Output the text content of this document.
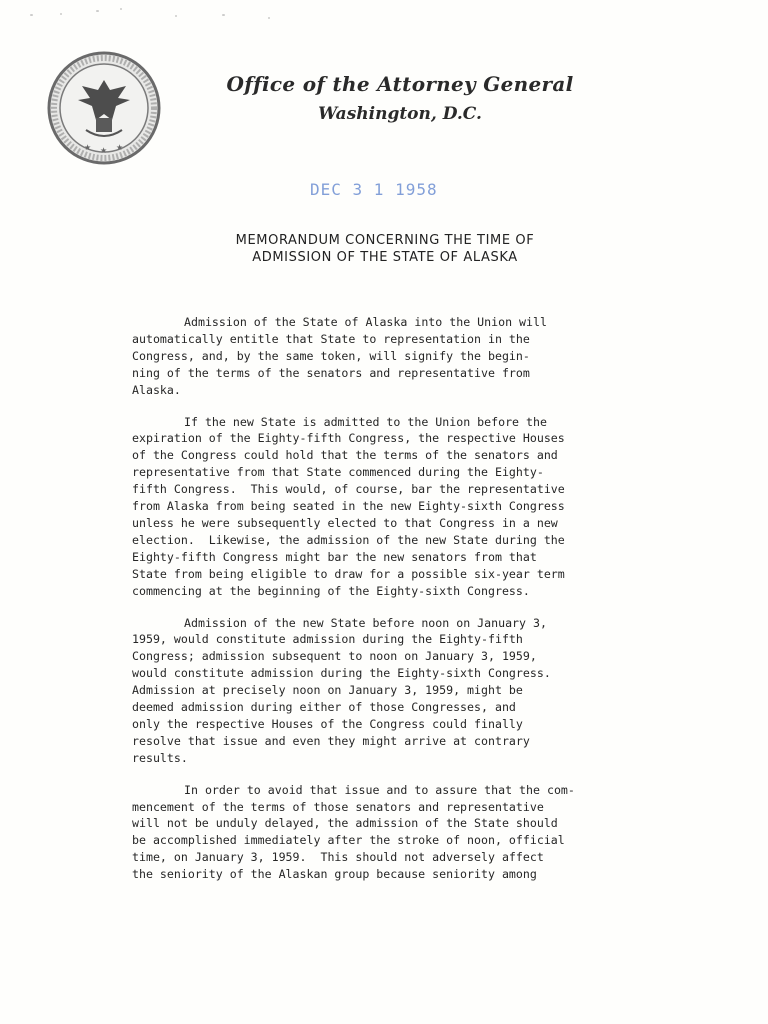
★ ★ ★
Office of the Attorney General
Washington, D.C.
DEC 3 1 1958
MEMORANDUM CONCERNING THE TIME OF
ADMISSION OF THE STATE OF ALASKA
Admission of the State of Alaska into the Union will
automatically entitle that State to representation in the
Congress, and, by the same token, will signify the begin-
ning of the terms of the senators and representative from
Alaska.
If the new State is admitted to the Union before the
expiration of the Eighty-fifth Congress, the respective Houses
of the Congress could hold that the terms of the senators and
representative from that State commenced during the Eighty-
fifth Congress.  This would, of course, bar the representative
from Alaska from being seated in the new Eighty-sixth Congress
unless he were subsequently elected to that Congress in a new
election.  Likewise, the admission of the new State during the
Eighty-fifth Congress might bar the new senators from that
State from being eligible to draw for a possible six-year term
commencing at the beginning of the Eighty-sixth Congress.
Admission of the new State before noon on January 3,
1959, would constitute admission during the Eighty-fifth
Congress; admission subsequent to noon on January 3, 1959,
would constitute admission during the Eighty-sixth Congress.
Admission at precisely noon on January 3, 1959, might be
deemed admission during either of those Congresses, and
only the respective Houses of the Congress could finally
resolve that issue and even they might arrive at contrary
results.
In order to avoid that issue and to assure that the com-
mencement of the terms of those senators and representative
will not be unduly delayed, the admission of the State should
be accomplished immediately after the stroke of noon, official
time, on January 3, 1959.  This should not adversely affect
the seniority of the Alaskan group because seniority among
